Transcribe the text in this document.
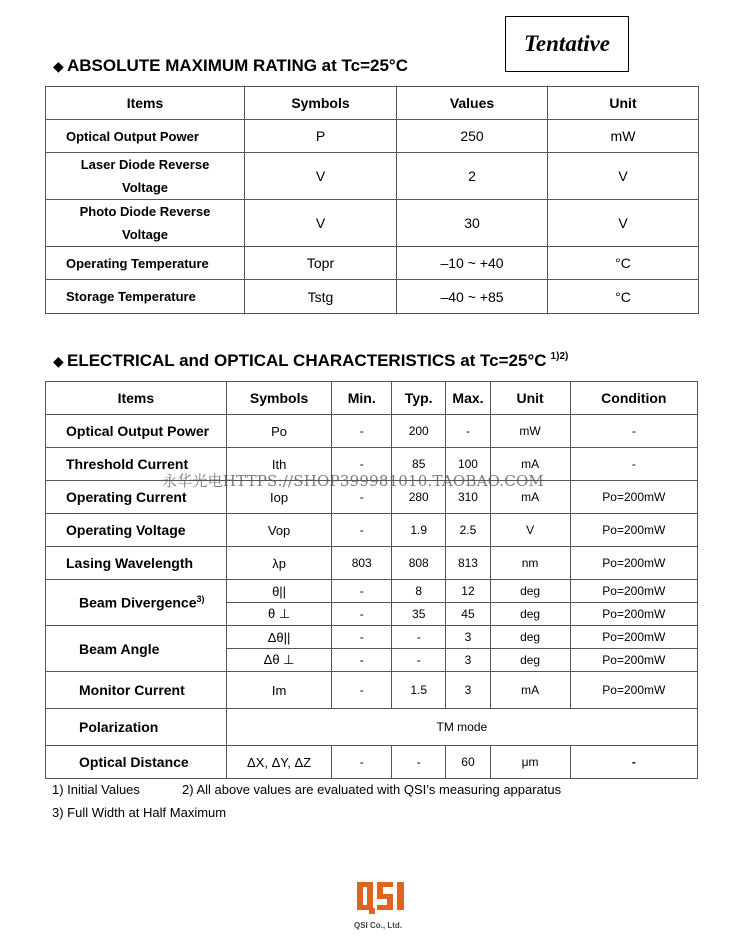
Tentative
◆ ABSOLUTE MAXIMUM RATING at Tc=25°C
Items	Symbols	Values	Unit
Optical Output Power	P	250	mW
Laser Diode Reverse
Voltage	V	2	V
Photo Diode Reverse
Voltage	V	30	V
Operating Temperature	Topr	–10 ~ +40	°C
Storage Temperature	Tstg	–40 ~ +85	°C
◆ ELECTRICAL and OPTICAL CHARACTERISTICS at Tc=25°C $^{1)2)}$
Items	Symbols	Min.	Typ.	Max.	Unit	Condition
Optical Output Power	Po	-	200	-	mW	-
Threshold Current	Ith	-	85	100	mA	-
Operating Current	Iop	-	280	310	mA	Po=200mW
Operating Voltage	Vop	-	1.9	2.5	V	Po=200mW
Lasing Wavelength	λp	803	808	813	nm	Po=200mW
Beam Divergence$^{3)}$	θ||	-	8	12	deg	Po=200mW
	θ ⊥	-	35	45	deg	Po=200mW
Beam Angle	Δθ||	-	-	3	deg	Po=200mW
	Δθ ⊥	-	-	3	deg	Po=200mW
Monitor Current	Im	-	1.5	3	mA	Po=200mW
Polarization	TM mode					
Optical Distance	ΔX, ΔY, ΔZ	-	-	60	μm	-
1) Initial Values	2) All above values are evaluated with QSI’s measuring apparatus
3) Full Width at Half Maximum
永华光电HTTPS://SHOP399981010.TAOBAO.COM
QSI Co., Ltd.
